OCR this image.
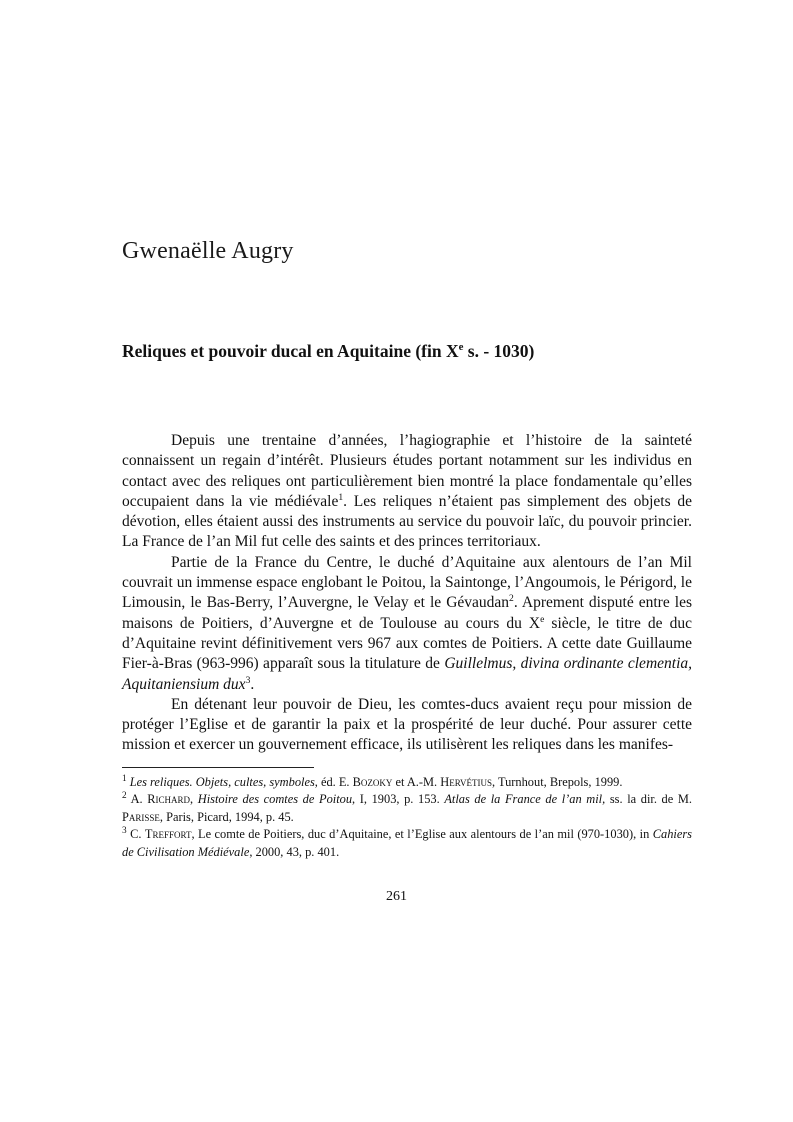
Gwenaëlle Augry
Reliques et pouvoir ducal en Aquitaine (fin Xe s. - 1030)

Depuis une trentaine d’années, l’hagiographie et l’histoire de la sainteté connaissent un regain d’intérêt. Plusieurs études portant notamment sur les individus en contact avec des reliques ont particulièrement bien montré la place fondamentale qu’elles occupaient dans la vie médiévale$^1$. Les reliques n’étaient pas simplement des objets de dévotion, elles étaient aussi des instruments au service du pouvoir laïc, du pouvoir princier. La France de l’an Mil fut celle des saints et des princes territoriaux.

Partie de la France du Centre, le duché d’Aquitaine aux alentours de l’an Mil couvrait un immense espace englobant le Poitou, la Saintonge, l’Angoumois, le Périgord, le Limousin, le Bas-Berry, l’Auvergne, le Velay et le Gévaudan$^2$. Aprement disputé entre les maisons de Poitiers, d’Auvergne et de Toulouse au cours du Xe siècle, le titre de duc d’Aquitaine revint définitivement vers 967 aux comtes de Poitiers. A cette date Guillaume Fier-à-Bras (963-996) apparaît sous la titulature de Guillelmus, divina ordinante clementia, Aquitaniensium dux$^3$.

En détenant leur pouvoir de Dieu, les comtes-ducs avaient reçu pour mission de protéger l’Eglise et de garantir la paix et la prospérité de leur duché. Pour assurer cette mission et exercer un gouvernement efficace, ils utilisèrent les reliques dans les manifes-

$^1$ Les reliques. Objets, cultes, symboles, éd. E. Bozoky et A.-M. Hervétius, Turnhout, Brepols, 1999.

$^2$ A. Richard, Histoire des comtes de Poitou, I, 1903, p. 153. Atlas de la France de l’an mil, ss. la dir. de M. Parisse, Paris, Picard, 1994, p. 45.

$^3$ C. Treffort, Le comte de Poitiers, duc d’Aquitaine, et l’Eglise aux alentours de l’an mil (970-1030), in Cahiers de Civilisation Médiévale, 2000, 43, p. 401.

261
